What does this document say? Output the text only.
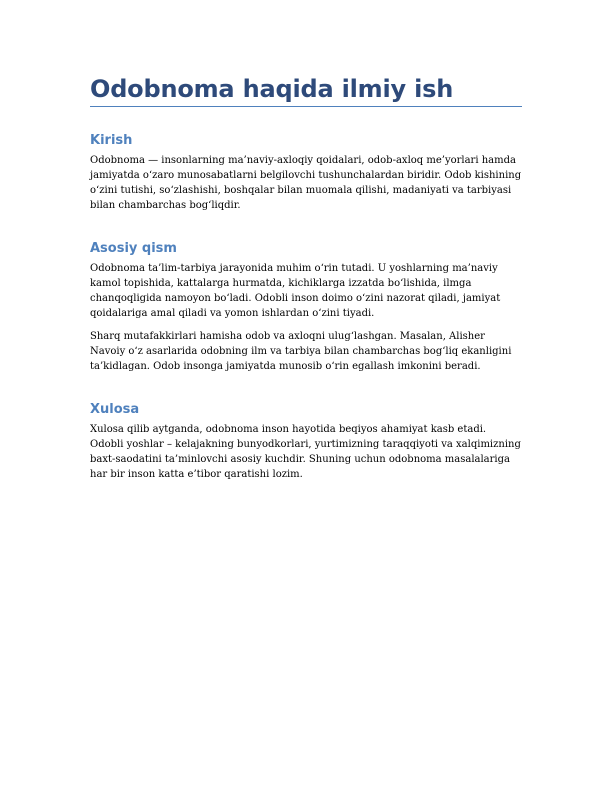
Odobnoma haqida ilmiy ish
Kirish

Odobnoma — insonlarning ma’naviy-axloqiy qoidalari, odob-axloq me’yorlari hamda jamiyatda o‘zaro munosabatlarni belgilovchi tushunchalardan biridir. Odob kishining o‘zini tutishi, so‘zlashishi, boshqalar bilan muomala qilishi, madaniyati va tarbiyasi bilan chambarchas bog‘liqdir.

Asosiy qism

Odobnoma ta’lim-tarbiya jarayonida muhim o‘rin tutadi. U yoshlarning ma’naviy kamol topishida, kattalarga hurmatda, kichiklarga izzatda bo‘lishida, ilmga chanqoqligida namoyon bo‘ladi. Odobli inson doimo o‘zini nazorat qiladi, jamiyat qoidalariga amal qiladi va yomon ishlardan o‘zini tiyadi.

Sharq mutafakkirlari hamisha odob va axloqni ulug‘lashgan. Masalan, Alisher Navoiy o‘z asarlarida odobning ilm va tarbiya bilan chambarchas bog‘liq ekanligini ta’kidlagan. Odob insonga jamiyatda munosib o‘rin egallash imkonini beradi.

Xulosa

Xulosa qilib aytganda, odobnoma inson hayotida beqiyos ahamiyat kasb etadi. Odobli yoshlar – kelajakning bunyodkorlari, yurtimizning taraqqiyoti va xalqimizning baxt-saodatini ta’minlovchi asosiy kuchdir. Shuning uchun odobnoma masalalariga har bir inson katta e’tibor qaratishi lozim.
